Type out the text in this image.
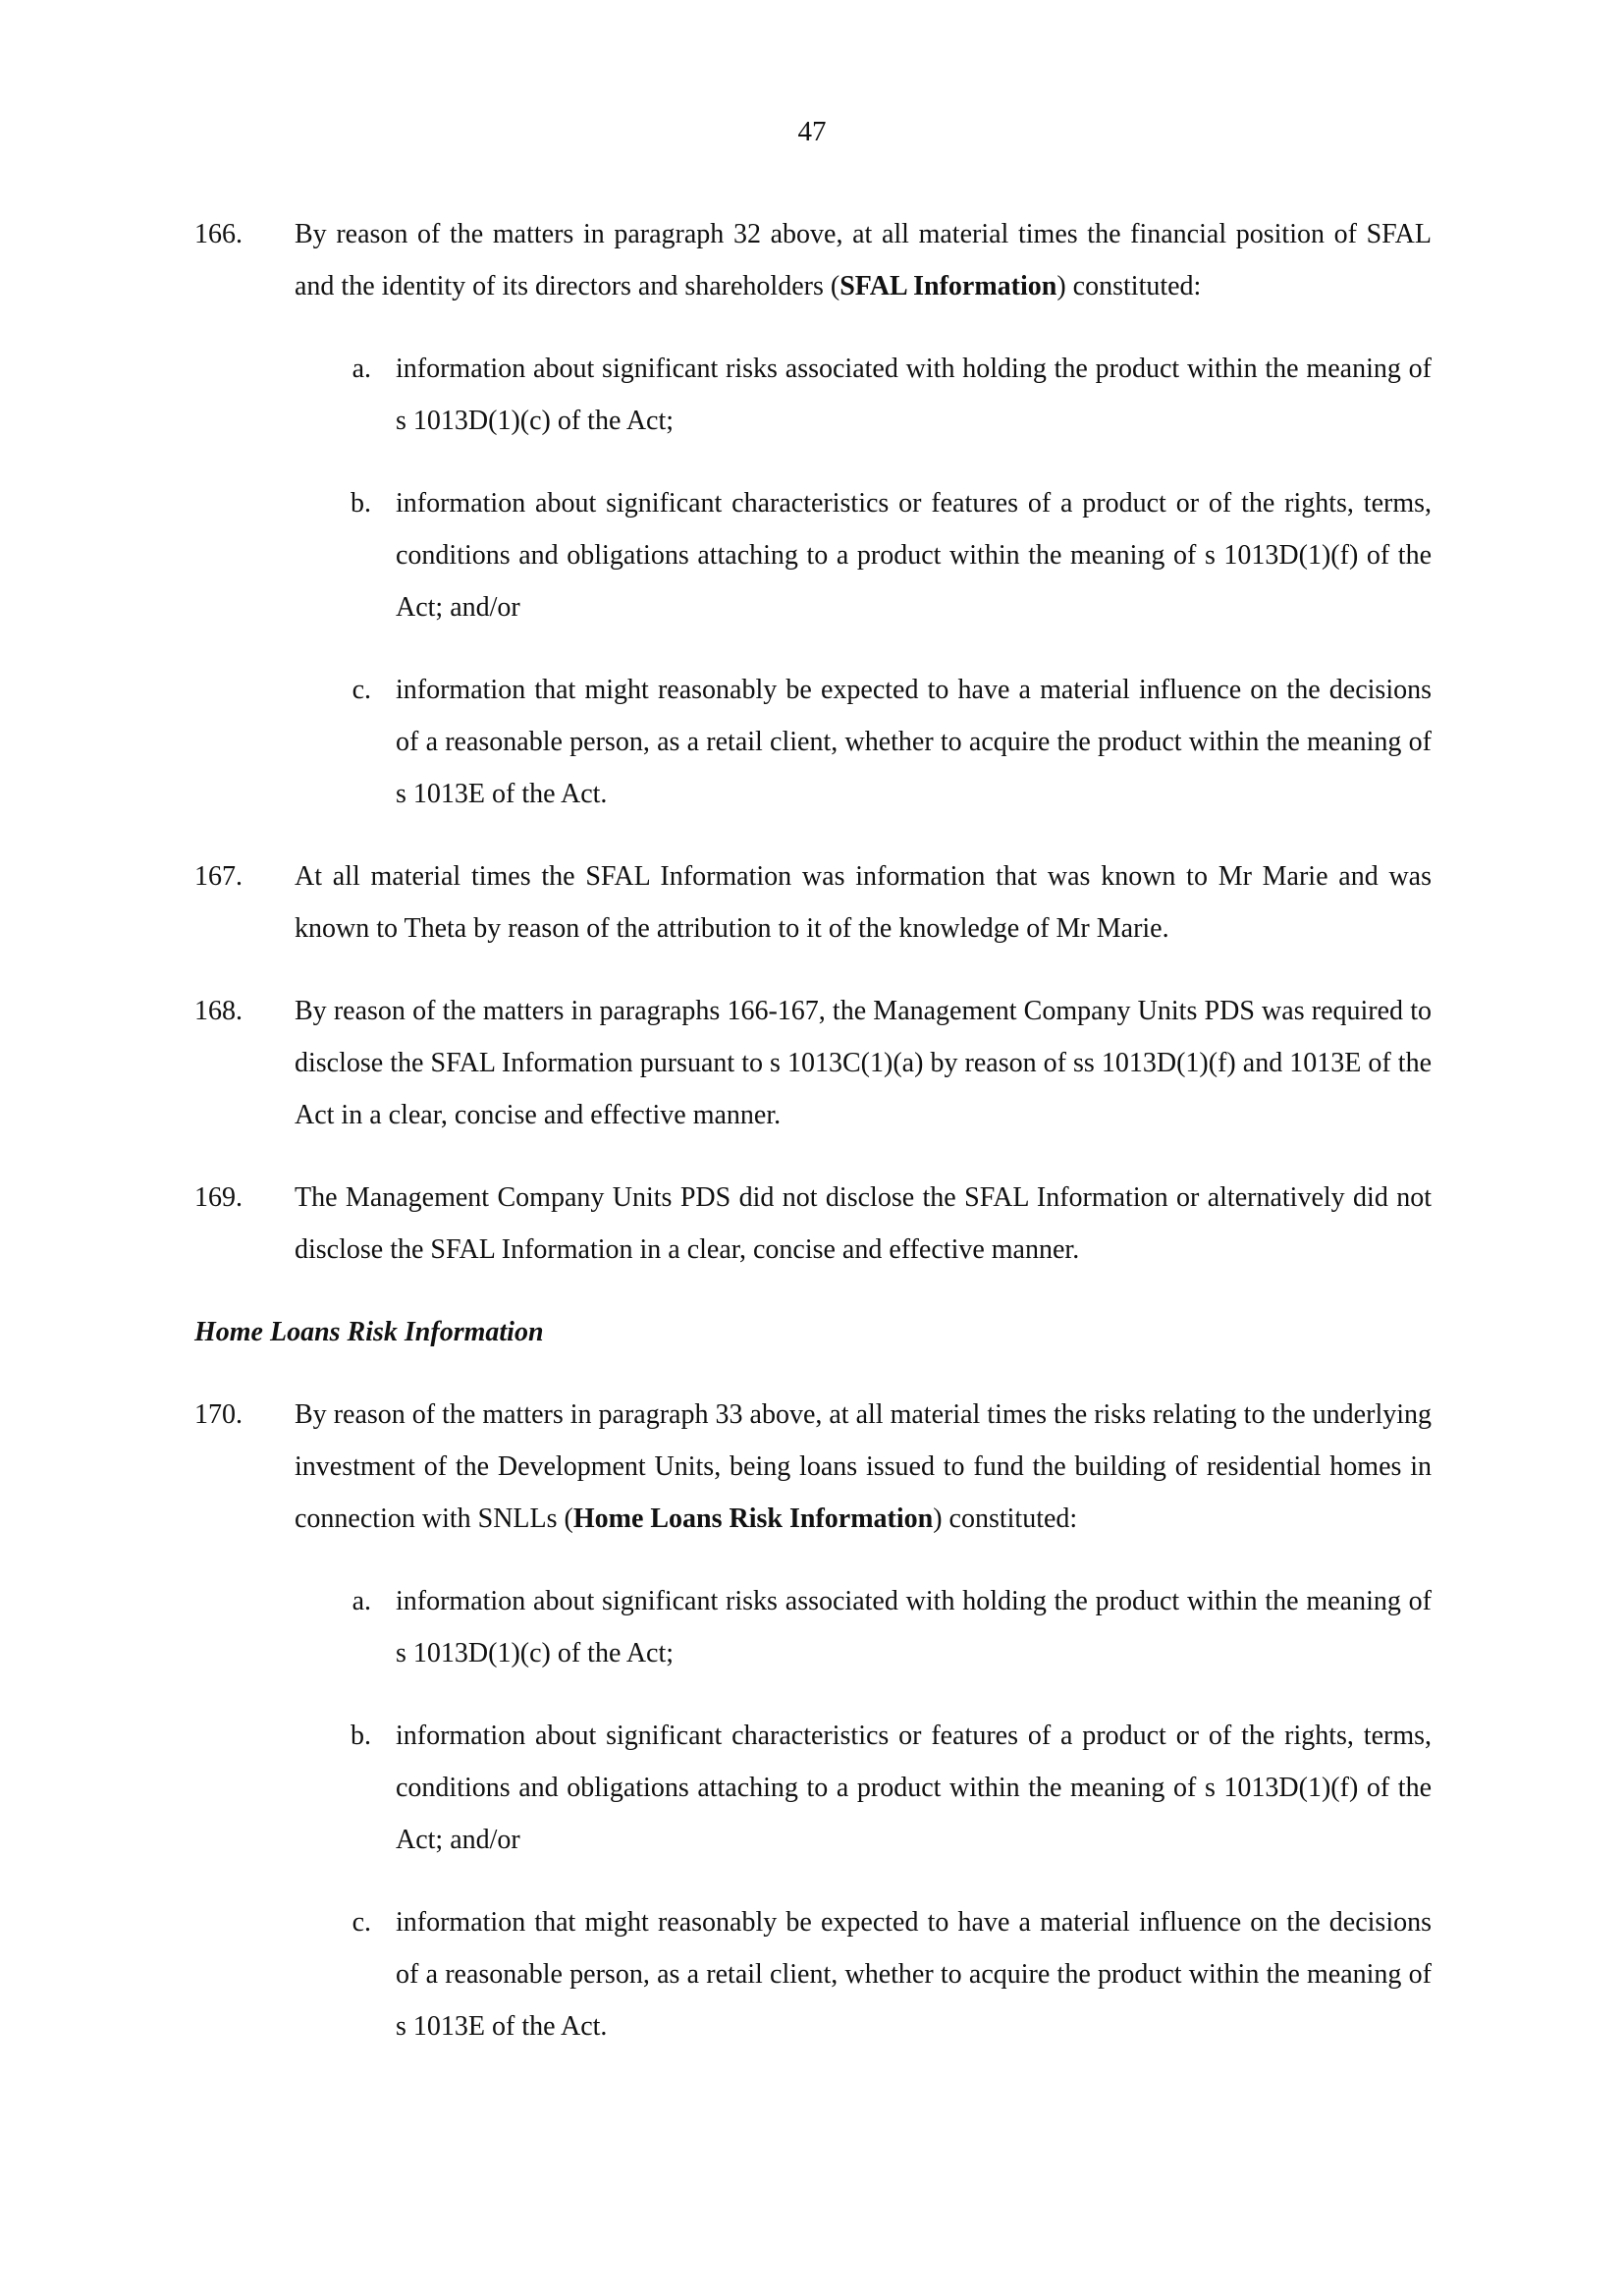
47
166. By reason of the matters in paragraph 32 above, at all material times the financial position of SFAL and the identity of its directors and shareholders (SFAL Information) constituted:
a. information about significant risks associated with holding the product within the meaning of s 1013D(1)(c) of the Act;
b. information about significant characteristics or features of a product or of the rights, terms, conditions and obligations attaching to a product within the meaning of s 1013D(1)(f) of the Act; and/or
c. information that might reasonably be expected to have a material influence on the decisions of a reasonable person, as a retail client, whether to acquire the product within the meaning of s 1013E of the Act.
167. At all material times the SFAL Information was information that was known to Mr Marie and was known to Theta by reason of the attribution to it of the knowledge of Mr Marie.
168. By reason of the matters in paragraphs 166-167, the Management Company Units PDS was required to disclose the SFAL Information pursuant to s 1013C(1)(a) by reason of ss 1013D(1)(f) and 1013E of the Act in a clear, concise and effective manner.
169. The Management Company Units PDS did not disclose the SFAL Information or alternatively did not disclose the SFAL Information in a clear, concise and effective manner.
Home Loans Risk Information
170. By reason of the matters in paragraph 33 above, at all material times the risks relating to the underlying investment of the Development Units, being loans issued to fund the building of residential homes in connection with SNLLs (Home Loans Risk Information) constituted:
a. information about significant risks associated with holding the product within the meaning of s 1013D(1)(c) of the Act;
b. information about significant characteristics or features of a product or of the rights, terms, conditions and obligations attaching to a product within the meaning of s 1013D(1)(f) of the Act; and/or
c. information that might reasonably be expected to have a material influence on the decisions of a reasonable person, as a retail client, whether to acquire the product within the meaning of s 1013E of the Act.
